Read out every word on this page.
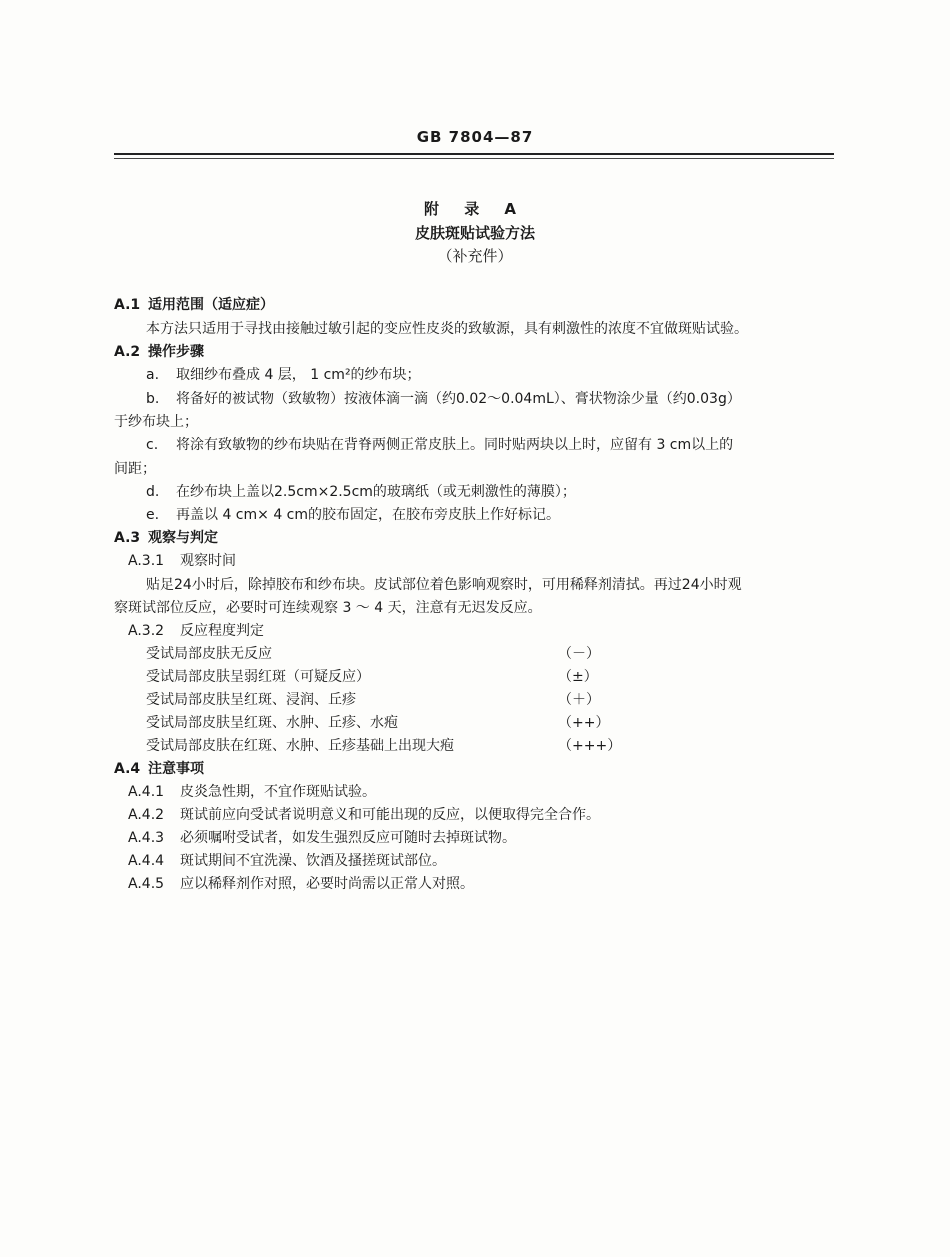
GB 7804—87
附 录 A
皮肤斑贴试验方法
（补充件）
A.1 适用范围（适应症）
本方法只适用于寻找由接触过敏引起的变应性皮炎的致敏源，具有刺激性的浓度不宜做斑贴试验。
A.2 操作步骤
a. 取细纱布叠成 4 层， 1 cm²的纱布块；
b. 将备好的被试物（致敏物）按液体滴一滴（约0.02～0.04mL）、膏状物涂少量（约0.03g）
于纱布块上；
c. 将涂有致敏物的纱布块贴在背脊两侧正常皮肤上。同时贴两块以上时，应留有 3 cm以上的
间距；
d. 在纱布块上盖以2.5cm×2.5cm的玻璃纸（或无刺激性的薄膜）；
e. 再盖以 4 cm× 4 cm的胶布固定，在胶布旁皮肤上作好标记。
A.3 观察与判定
A.3.1 观察时间
贴足24小时后，除掉胶布和纱布块。皮试部位着色影响观察时，可用稀释剂清拭。再过24小时观
察斑试部位反应，必要时可连续观察 3 ～ 4 天，注意有无迟发反应。
A.3.2 反应程度判定
受试局部皮肤无反应	（－）
受试局部皮肤呈弱红斑（可疑反应）	（±）
受试局部皮肤呈红斑、浸润、丘疹	（＋）
受试局部皮肤呈红斑、水肿、丘疹、水疱	（++）
受试局部皮肤在红斑、水肿、丘疹基础上出现大疱	（+++）
A.4 注意事项
A.4.1 皮炎急性期，不宜作斑贴试验。
A.4.2 斑试前应向受试者说明意义和可能出现的反应，以便取得完全合作。
A.4.3 必须嘱咐受试者，如发生强烈反应可随时去掉斑试物。
A.4.4 斑试期间不宜洗澡、饮酒及搔搓斑试部位。
A.4.5 应以稀释剂作对照，必要时尚需以正常人对照。
